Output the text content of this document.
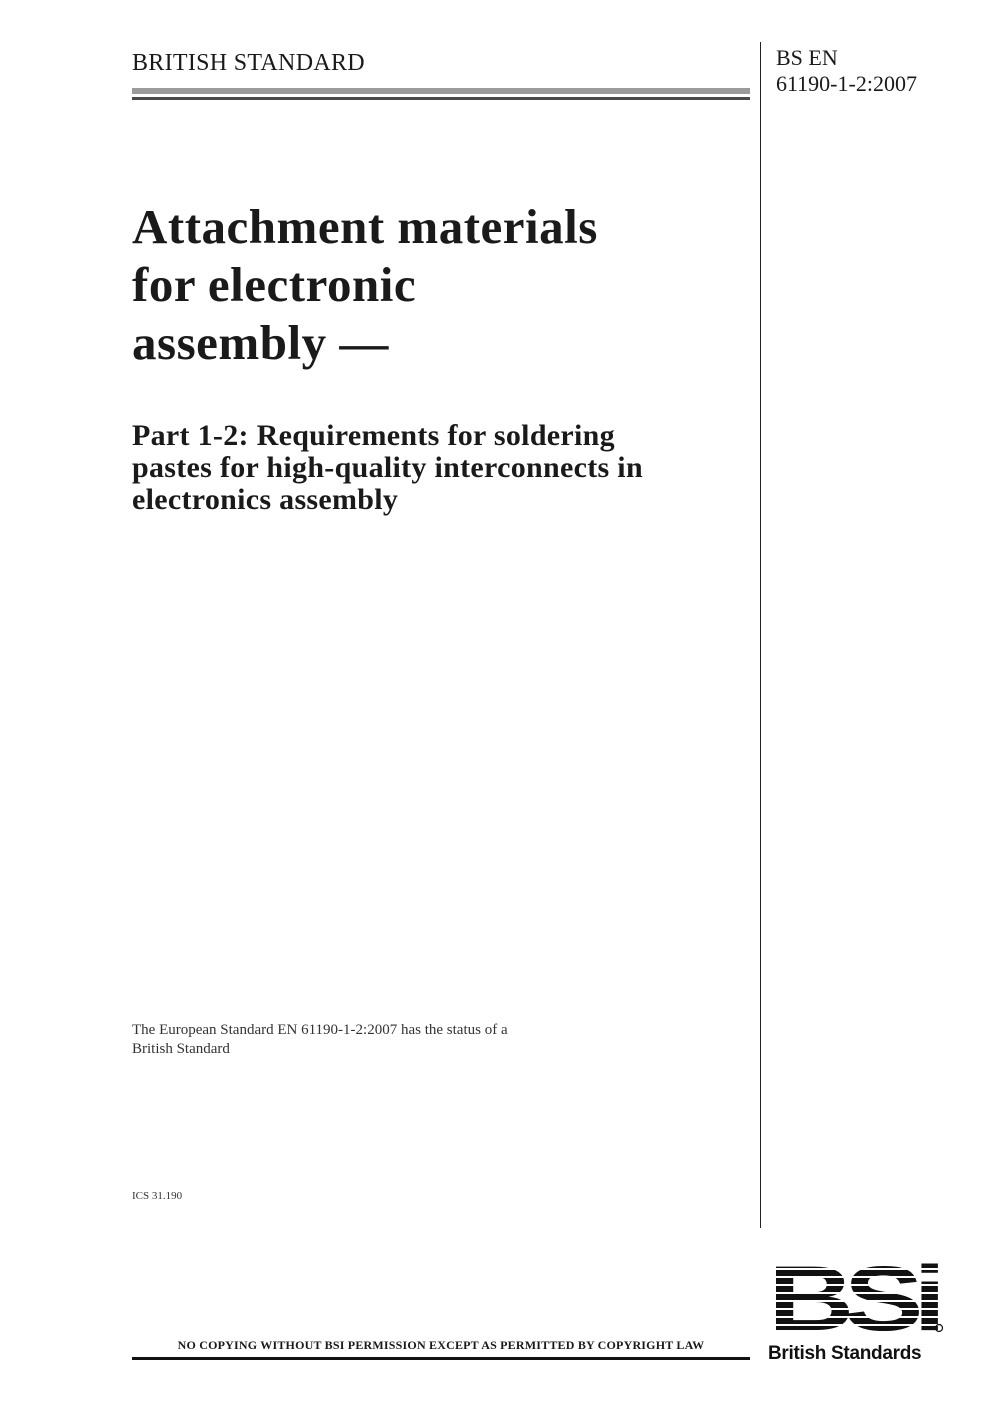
BRITISH STANDARD	BS EN
61190-1-2:2007
Attachment materials
for electronic
assembly —
Part 1-2: Requirements for soldering
pastes for high-quality interconnects in
electronics assembly
The European Standard EN 61190-1-2:2007 has the status of a
British Standard
ICS 31.190
NO COPYING WITHOUT BSI PERMISSION EXCEPT AS PERMITTED BY COPYRIGHT LAW	British Standards
